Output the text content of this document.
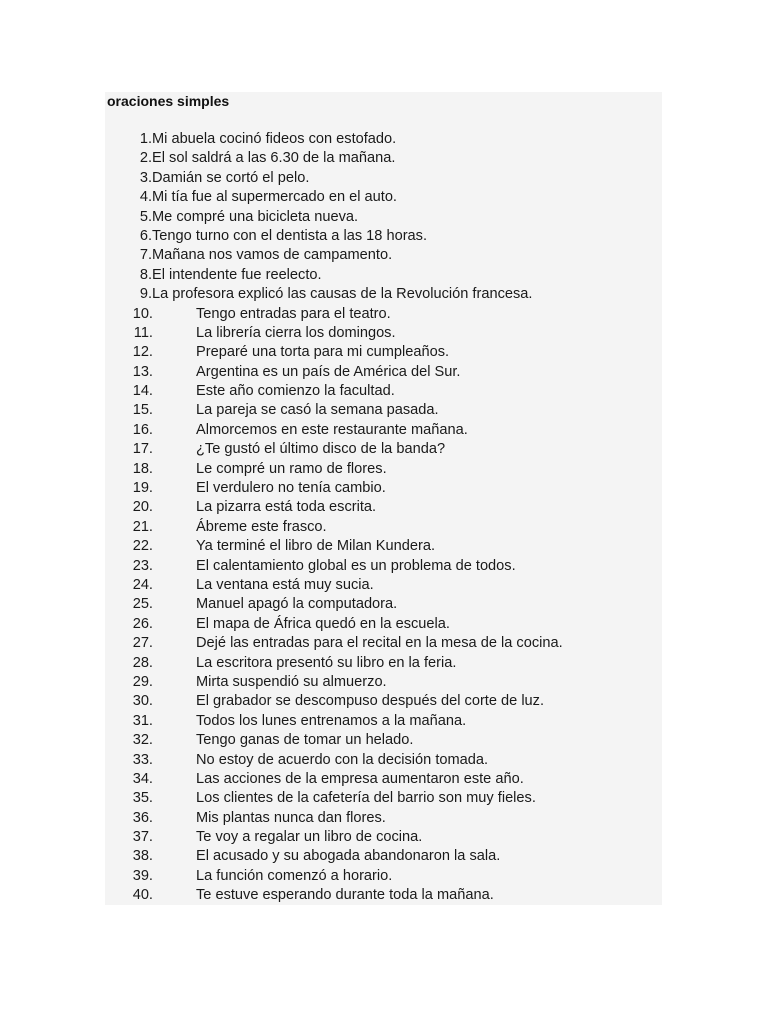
oraciones simples
1. Mi abuela cocinó fideos con estofado.
2. El sol saldrá a las 6.30 de la mañana.
3. Damián se cortó el pelo.
4. Mi tía fue al supermercado en el auto.
5. Me compré una bicicleta nueva.
6. Tengo turno con el dentista a las 18 horas.
7. Mañana nos vamos de campamento.
8. El intendente fue reelecto.
9. La profesora explicó las causas de la Revolución francesa.
10.	Tengo entradas para el teatro.
11.	La librería cierra los domingos.
12.	Preparé una torta para mi cumpleaños.
13.	Argentina es un país de América del Sur.
14.	Este año comienzo la facultad.
15.	La pareja se casó la semana pasada.
16.	Almorcemos en este restaurante mañana.
17.	¿Te gustó el último disco de la banda?
18.	Le compré un ramo de flores.
19.	El verdulero no tenía cambio.
20.	La pizarra está toda escrita.
21.	Ábreme este frasco.
22.	Ya terminé el libro de Milan Kundera.
23.	El calentamiento global es un problema de todos.
24.	La ventana está muy sucia.
25.	Manuel apagó la computadora.
26.	El mapa de África quedó en la escuela.
27.	Dejé las entradas para el recital en la mesa de la cocina.
28.	La escritora presentó su libro en la feria.
29.	Mirta suspendió su almuerzo.
30.	El grabador se descompuso después del corte de luz.
31.	Todos los lunes entrenamos a la mañana.
32.	Tengo ganas de tomar un helado.
33.	No estoy de acuerdo con la decisión tomada.
34.	Las acciones de la empresa aumentaron este año.
35.	Los clientes de la cafetería del barrio son muy fieles.
36.	Mis plantas nunca dan flores.
37.	Te voy a regalar un libro de cocina.
38.	El acusado y su abogada abandonaron la sala.
39.	La función comenzó a horario.
40.	Te estuve esperando durante toda la mañana.
